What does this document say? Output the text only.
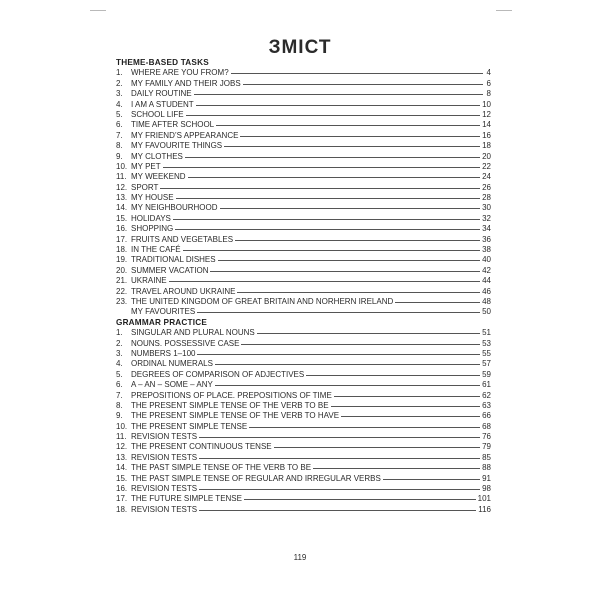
ЗМІСТ
THEME-BASED TASKS
1.	WHERE ARE YOU FROM?	4
2.	MY FAMILY AND THEIR JOBS	6
3.	DAILY ROUTINE	8
4.	I AM A STUDENT	10
5.	SCHOOL LIFE	12
6.	TIME AFTER SCHOOL	14
7.	MY FRIEND’S APPEARANCE	16
8.	MY FAVOURITE THINGS	18
9.	MY CLOTHES	20
10. MY PET	22
11. MY WEEKEND	24
12. SPORT	26
13. MY HOUSE	28
14. MY NEIGHBOURHOOD	30
15. HOLIDAYS	32
16. SHOPPING	34
17. FRUITS AND VEGETABLES	36
18. IN THE CAFÉ	38
19. TRADITIONAL DISHES	40
20. SUMMER VACATION	42
21. UKRAINE	44
22. TRAVEL AROUND UKRAINE	46
23. THE UNITED KINGDOM OF GREAT BRITAIN AND NORHERN IRELAND	48
MY FAVOURITES	50
GRAMMAR PRACTICE
1.	SINGULAR AND PLURAL NOUNS	51
2.	NOUNS. POSSESSIVE CASE	53
3.	NUMBERS 1–100	55
4.	ORDINAL NUMERALS	57
5.	DEGREES OF COMPARISON OF ADJECTIVES	59
6.	A – AN – SOME – ANY	61
7.	PREPOSITIONS OF PLACE. PREPOSITIONS OF TIME	62
8.	THE PRESENT SIMPLE TENSE OF THE VERB TO BE	63
9.	THE PRESENT SIMPLE TENSE OF THE VERB TO HAVE	66
10. THE PRESENT SIMPLE TENSE	68
11. REVISION TESTS	76
12. THE PRESENT CONTINUOUS TENSE	79
13. REVISION TESTS	85
14. THE PAST SIMPLE TENSE OF THE VERB TO BE	88
15. THE PAST SIMPLE TENSE OF REGULAR AND IRREGULAR VERBS	91
16. REVISION TESTS	98
17. THE FUTURE SIMPLE TENSE	101
18. REVISION TESTS	116
119
